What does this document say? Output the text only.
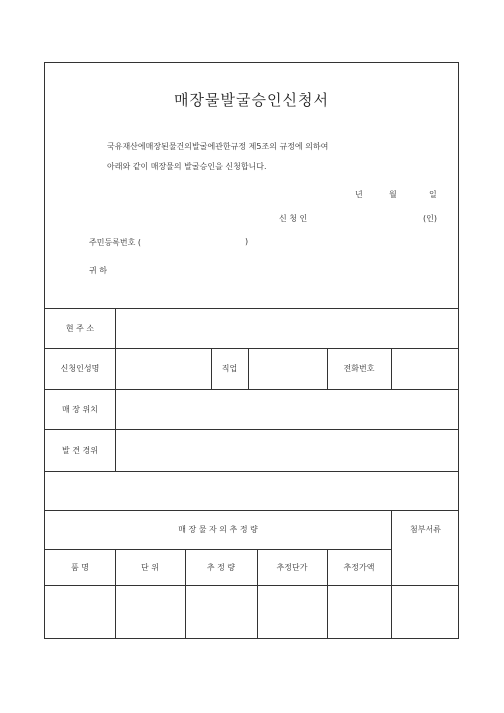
매장물발굴승인신청서
국유재산에매장된물건의발굴에관한규정 제5조의 규정에 의하여
아래와 같이 매장물의 발굴승인을 신청합니다.
년	월	일
신 청 인	(인)
주민등록번호 (	)
귀 하
현 주 소
신청인성명	직업	전화번호
매 장 위치
발 견 경위
매 장 물 자 의 추 정 량	첨부서류
품 명	단 위	추 정 량	추정단가	추정가액
